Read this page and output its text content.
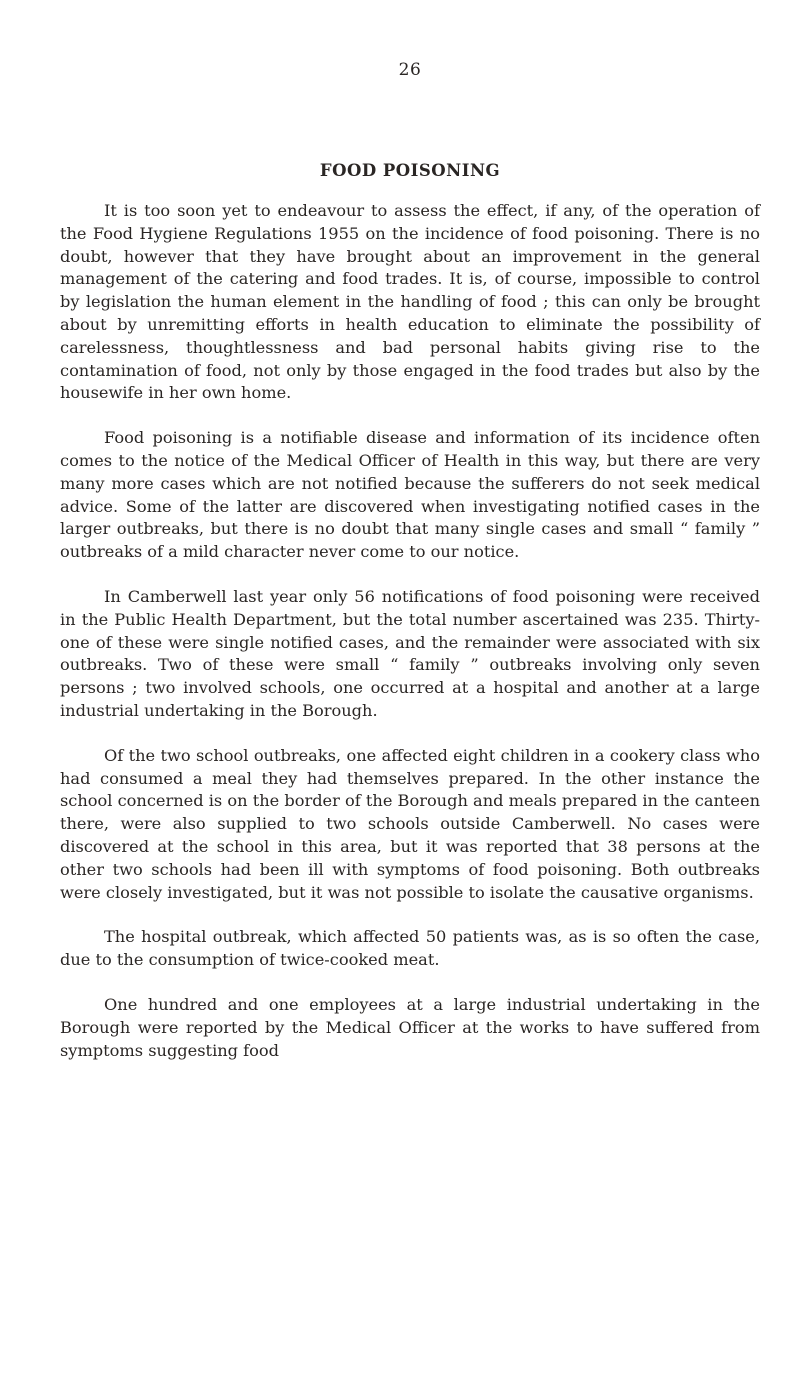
26
FOOD POISONING

It is too soon yet to endeavour to assess the effect, if any, of the operation of the Food Hygiene Regulations 1955 on the incidence of food poisoning. There is no doubt, however that they have brought about an improvement in the general management of the catering and food trades. It is, of course, impossible to control by legislation the human element in the handling of food ; this can only be brought about by unremitting efforts in health education to eliminate the possibility of carelessness, thoughtlessness and bad personal habits giving rise to the contamination of food, not only by those engaged in the food trades but also by the housewife in her own home.

Food poisoning is a notifiable disease and information of its incidence often comes to the notice of the Medical Officer of Health in this way, but there are very many more cases which are not notified because the sufferers do not seek medical advice. Some of the latter are discovered when investigating notified cases in the larger outbreaks, but there is no doubt that many single cases and small “ family ” outbreaks of a mild character never come to our notice.

In Camberwell last year only 56 notifications of food poisoning were received in the Public Health Department, but the total number ascertained was 235. Thirty-one of these were single notified cases, and the remainder were associated with six outbreaks. Two of these were small “ family ” outbreaks involving only seven persons ; two involved schools, one occurred at a hospital and another at a large industrial undertaking in the Borough.

Of the two school outbreaks, one affected eight children in a cookery class who had consumed a meal they had themselves prepared. In the other instance the school concerned is on the border of the Borough and meals prepared in the canteen there, were also supplied to two schools outside Camberwell. No cases were discovered at the school in this area, but it was reported that 38 persons at the other two schools had been ill with symptoms of food poisoning. Both outbreaks were closely investigated, but it was not possible to isolate the causative organisms.

The hospital outbreak, which affected 50 patients was, as is so often the case, due to the consumption of twice-cooked meat.

One hundred and one employees at a large industrial undertaking in the Borough were reported by the Medical Officer at the works to have suffered from symptoms suggesting food
